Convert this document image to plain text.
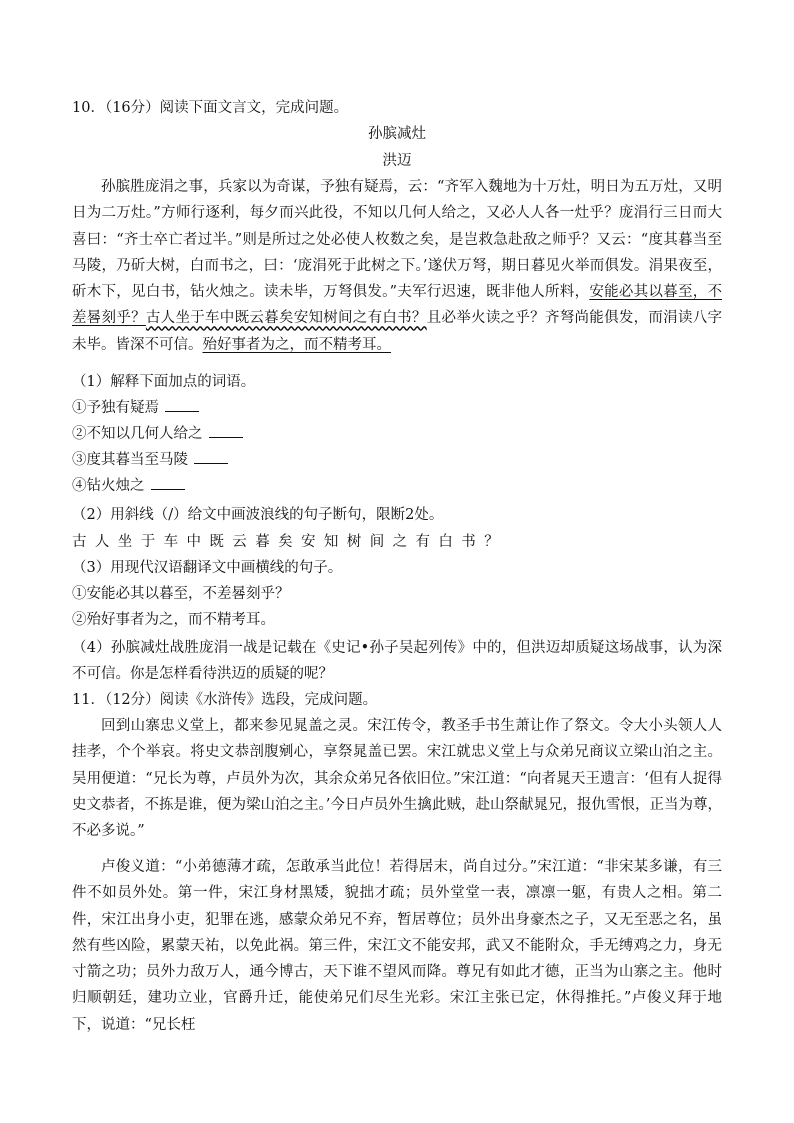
10．（16分）阅读下面文言文，完成问题。
孙膑减灶
洪迈
孙膑胜庞涓之事，兵家以为奇谋，予独有疑焉，云：“齐军入魏地为十万灶，明日为五万灶，又明日为二万灶。”方师行逐利，每夕而兴此役，不知以几何人给之，又必人人各一灶乎？庞涓行三日而大喜曰：“齐士卒亡者过半。”则是所过之处必使人枚数之矣，是岂救急赴敌之师乎？又云：“度其暮当至马陵，乃斫大树，白而书之，曰：‘庞涓死于此树之下。’遂伏万弩，期日暮见火举而俱发。涓果夜至，斫木下，见白书，钻火烛之。读未毕，万弩俱发。”夫军行迟速，既非他人所料，安能必其以暮至，不差晷刻乎？古人坐于车中既云暮矣安知树间之有白书？且必举火读之乎？齐弩尚能俱发，而涓读八字未毕。皆深不可信。殆好事者为之，而不精考耳。
（1）解释下面加点的词语。
①予独有疑焉
②不知以几何人给之
③度其暮当至马陵
④钻火烛之
（2）用斜线（/）给文中画波浪线的句子断句，限断2处。
古人坐于车中既云暮矣安知树间之有白书？
（3）用现代汉语翻译文中画横线的句子。
①安能必其以暮至，不差晷刻乎？
②殆好事者为之，而不精考耳。
（4）孙膑减灶战胜庞涓一战是记载在《史记•孙子吴起列传》中的，但洪迈却质疑这场战事，认为深不可信。你是怎样看待洪迈的质疑的呢？
11．（12分）阅读《水浒传》选段，完成问题。
回到山寨忠义堂上，都来参见晁盖之灵。宋江传令，教圣手书生萧让作了祭文。令大小头领人人挂孝，个个举哀。将史文恭剖腹剜心，享祭晁盖已罢。宋江就忠义堂上与众弟兄商议立梁山泊之主。吴用便道：“兄长为尊，卢员外为次，其余众弟兄各依旧位。”宋江道：“向者晁天王遗言：‘但有人捉得史文恭者，不拣是谁，便为梁山泊之主。’今日卢员外生擒此贼，赴山祭献晁兄，报仇雪恨，正当为尊，不必多说。”
卢俊义道：“小弟德薄才疏，怎敢承当此位！若得居末，尚自过分。”宋江道：“非宋某多谦，有三件不如员外处。第一件，宋江身材黑矮，貌拙才疏；员外堂堂一表，凛凛一躯，有贵人之相。第二件，宋江出身小吏，犯罪在逃，感蒙众弟兄不弃，暂居尊位；员外出身豪杰之子，又无至恶之名，虽然有些凶险，累蒙天祐，以免此祸。第三件，宋江文不能安邦，武又不能附众，手无缚鸡之力，身无寸箭之功；员外力敌万人，通今博古，天下谁不望风而降。尊兄有如此才德，正当为山寨之主。他时归顺朝廷，建功立业，官爵升迁，能使弟兄们尽生光彩。宋江主张已定，休得推托。”卢俊义拜于地下，说道：“兄长枉
